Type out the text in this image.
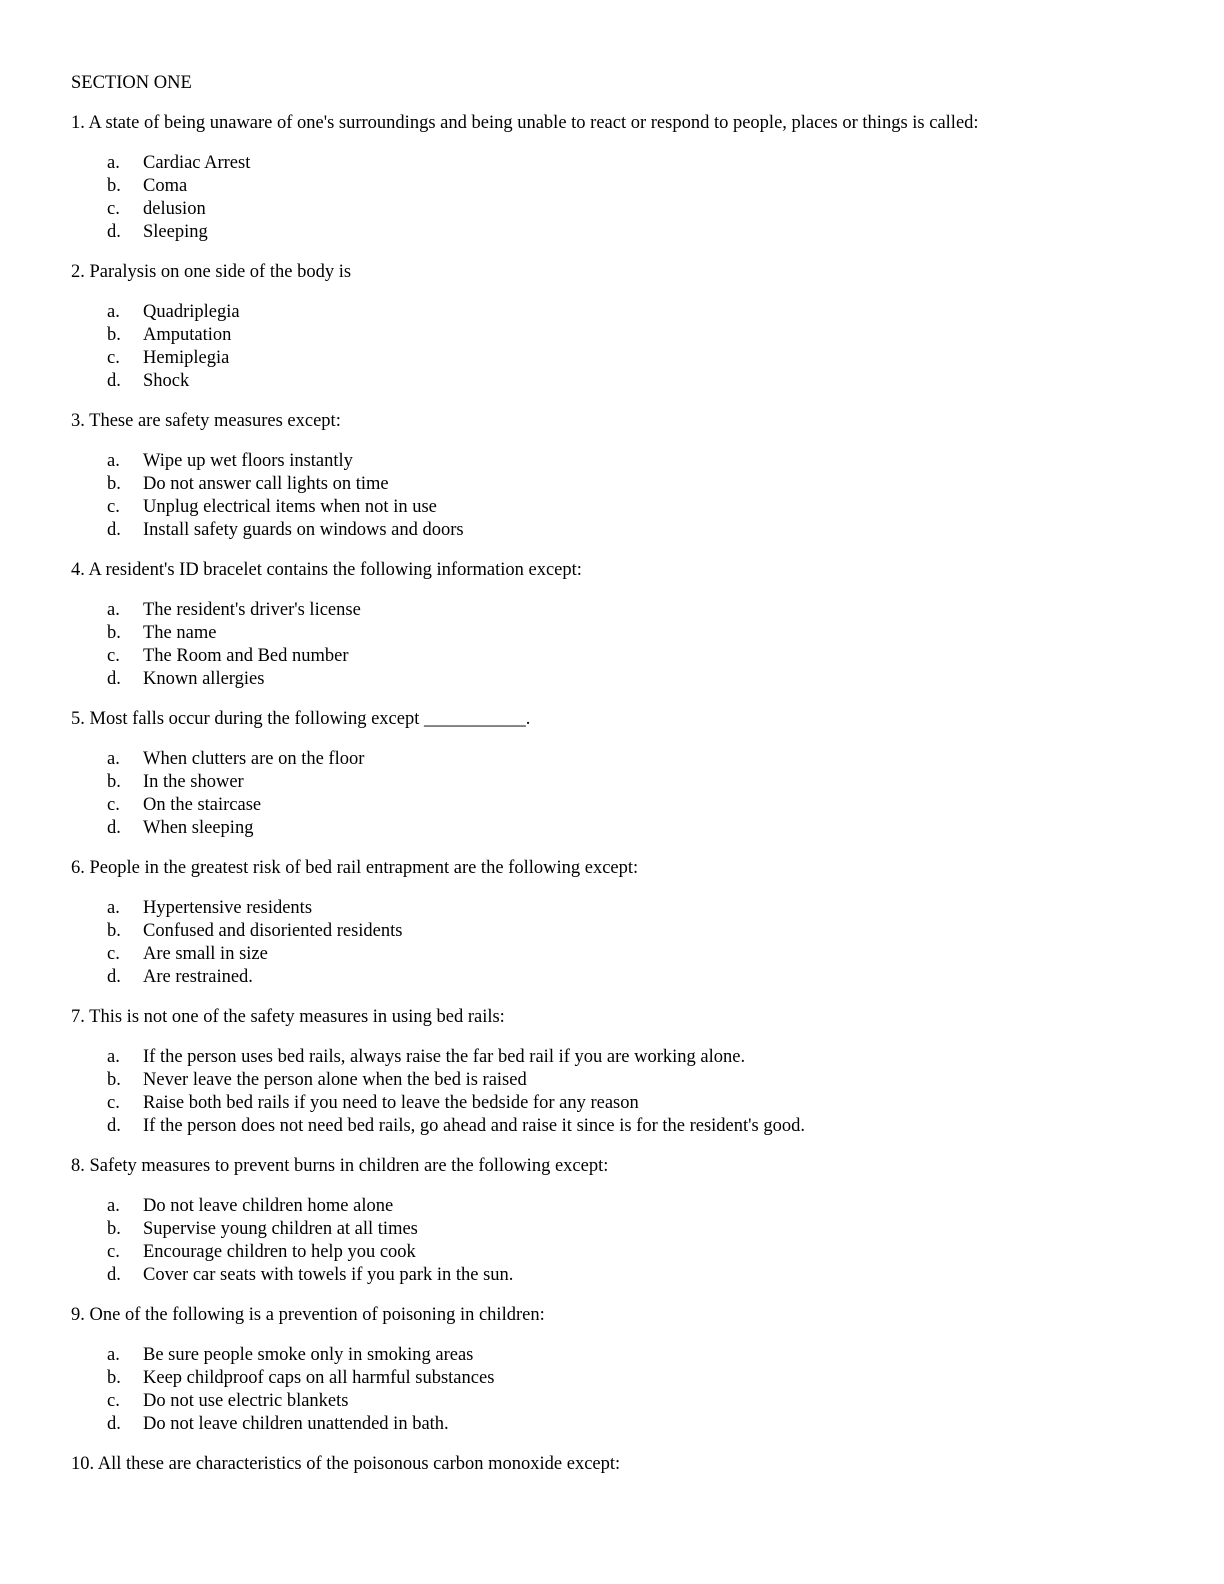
SECTION ONE
1. A state of being unaware of one's surroundings and being unable to react or respond to people, places or things is called:
a.	Cardiac Arrest
b.	Coma
c.	delusion
d.	Sleeping
2. Paralysis on one side of the body is
a.	Quadriplegia
b.	Amputation
c.	Hemiplegia
d.	Shock
3. These are safety measures except:
a.	Wipe up wet floors instantly
b.	Do not answer call lights on time
c.	Unplug electrical items when not in use
d.	Install safety guards on windows and doors
4. A resident's ID bracelet contains the following information except:
a.	The resident's driver's license
b.	The name
c.	The Room and Bed number
d.	Known allergies
5. Most falls occur during the following except ___________.
a.	When clutters are on the floor
b.	In the shower
c.	On the staircase
d.	When sleeping
6. People in the greatest risk of bed rail entrapment are the following except:
a.	Hypertensive residents
b.	Confused and disoriented residents
c.	Are small in size
d.	Are restrained.
7. This is not one of the safety measures in using bed rails:
a.	If the person uses bed rails, always raise the far bed rail if you are working alone.
b.	Never leave the person alone when the bed is raised
c.	Raise both bed rails if you need to leave the bedside for any reason
d.	If the person does not need bed rails, go ahead and raise it since is for the resident's good.
8. Safety measures to prevent burns in children are the following except:
a.	Do not leave children home alone
b.	Supervise young children at all times
c.	Encourage children to help you cook
d.	Cover car seats with towels if you park in the sun.
9. One of the following is a prevention of poisoning in children:
a.	Be sure people smoke only in smoking areas
b.	Keep childproof caps on all harmful substances
c.	Do not use electric blankets
d.	Do not leave children unattended in bath.
10. All these are characteristics of the poisonous carbon monoxide except:
